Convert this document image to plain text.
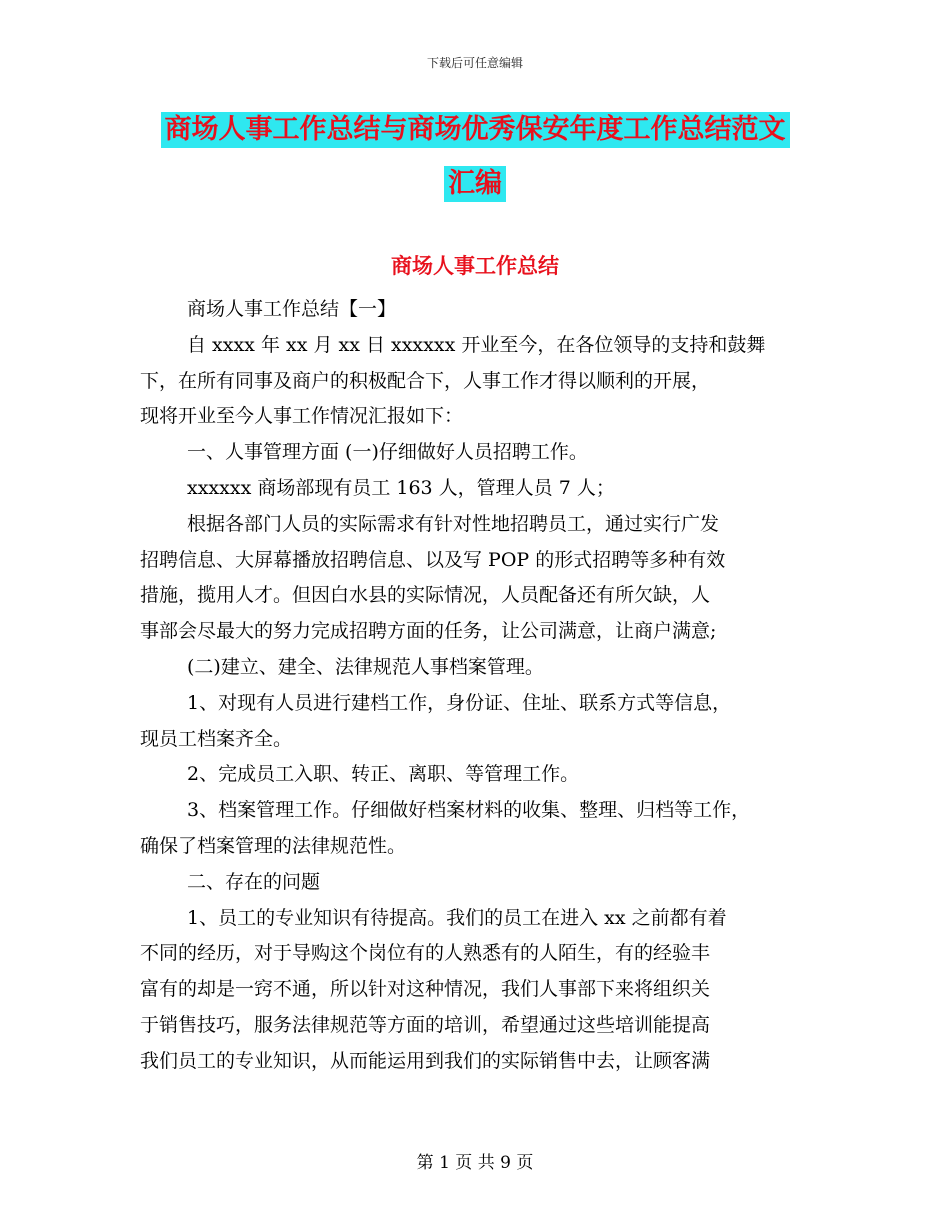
下载后可任意编辑
商场人事工作总结与商场优秀保安年度工作总结范文
汇编
商场人事工作总结

商场人事工作总结【一】

自 xxxx 年 xx 月 xx 日 xxxxxx 开业至今，在各位领导的支持和鼓舞

下，在所有同事及商户的积极配合下，人事工作才得以顺利的开展，

现将开业至今人事工作情况汇报如下：

一、人事管理方面 (一)仔细做好人员招聘工作。

xxxxxx 商场部现有员工 163 人，管理人员 7 人；

根据各部门人员的实际需求有针对性地招聘员工，通过实行广发

招聘信息、大屏幕播放招聘信息、以及写 POP 的形式招聘等多种有效

措施，揽用人才。但因白水县的实际情况，人员配备还有所欠缺，人

事部会尽最大的努力完成招聘方面的任务，让公司满意，让商户满意;

(二)建立、建全、法律规范人事档案管理。

1、对现有人员进行建档工作，身份证、住址、联系方式等信息，

现员工档案齐全。

2、完成员工入职、转正、离职、等管理工作。

3、档案管理工作。仔细做好档案材料的收集、整理、归档等工作，

确保了档案管理的法律规范性。

二、存在的问题

1、员工的专业知识有待提高。我们的员工在进入 xx 之前都有着

不同的经历，对于导购这个岗位有的人熟悉有的人陌生，有的经验丰

富有的却是一窍不通，所以针对这种情况，我们人事部下来将组织关

于销售技巧，服务法律规范等方面的培训，希望通过这些培训能提高

我们员工的专业知识，从而能运用到我们的实际销售中去，让顾客满

第 1 页 共 9 页
